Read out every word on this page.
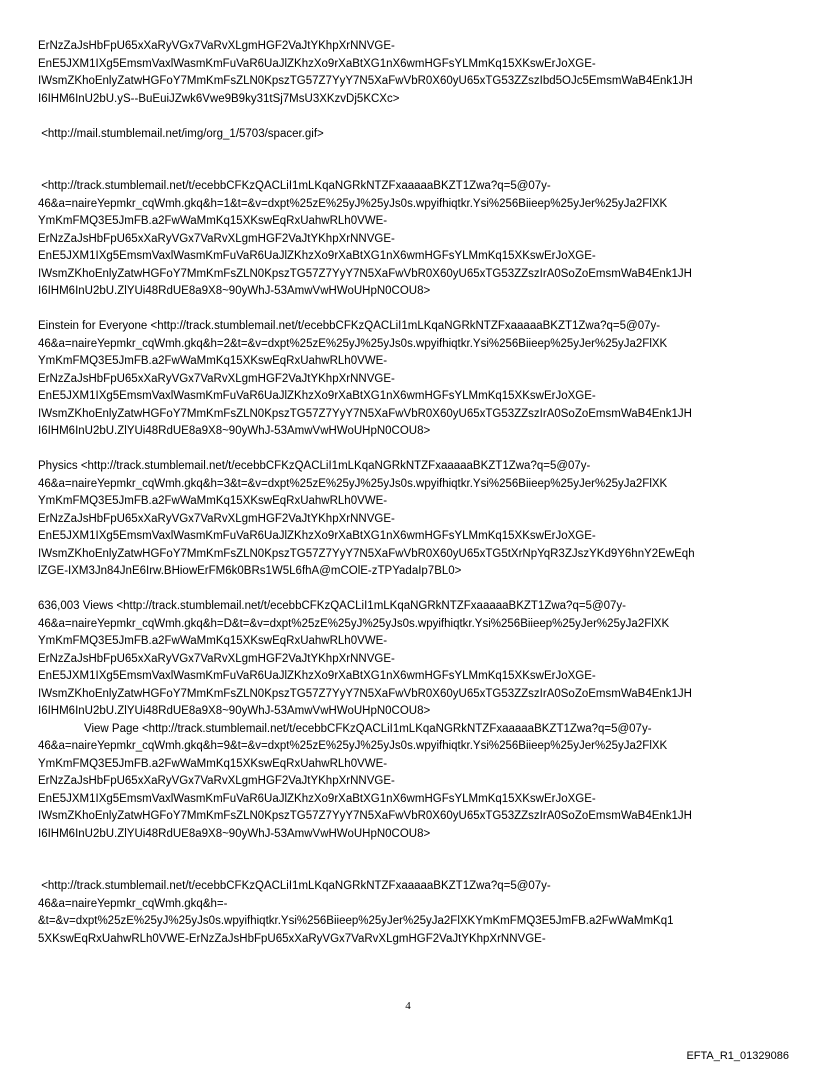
ErNzZaJsHbFpU65xXaRyVGx7VaRvXLgmHGF2VaJtYKhpXrNNVGE-
EnE5JXM1IXg5EmsmVaxlWasmKmFuVaR6UaJlZKhzXo9rXaBtXG1nX6wmHGFsYLMmKq15XKswErJoXGE-
IWsmZKhoEnlyZatwHGFoY7MmKmFsZLN0KpszTG57Z7YyY7N5XaFwVbR0X60yU65xTG53ZZszIbd5OJc5EmsmWaB4Enk1JH
I6IHM6InU2bU.yS--BuEuiJZwk6Vwe9B9ky31tSj7MsU3XKzvDj5KCXc>
<http://mail.stumblemail.net/img/org_1/5703/spacer.gif>
<http://track.stumblemail.net/t/ecebbCFKzQACLiI1mLKqaNGRkNTZFxaaaaaBKZT1Zwa?q=5@07y-
46&a=naireYepmkr_cqWmh.gkq&h=1&t=&v=dxpt%25zE%25yJ%25yJs0s.wpyifhiqtkr.Ysi%256Biieep%25yJer%25yJa2FlXK
YmKmFMQ3E5JmFB.a2FwWaMmKq15XKswEqRxUahwRLh0VWE-
ErNzZaJsHbFpU65xXaRyVGx7VaRvXLgmHGF2VaJtYKhpXrNNVGE-
EnE5JXM1IXg5EmsmVaxlWasmKmFuVaR6UaJlZKhzXo9rXaBtXG1nX6wmHGFsYLMmKq15XKswErJoXGE-
IWsmZKhoEnlyZatwHGFoY7MmKmFsZLN0KpszTG57Z7YyY7N5XaFwVbR0X60yU65xTG53ZZszIrA0SoZoEmsmWaB4Enk1JH
I6IHM6InU2bU.ZlYUi48RdUE8a9X8~90yWhJ-53AmwVwHWoUHpN0COU8>
Einstein for Everyone <http://track.stumblemail.net/t/ecebbCFKzQACLiI1mLKqaNGRkNTZFxaaaaaBKZT1Zwa?q=5@07y-
46&a=naireYepmkr_cqWmh.gkq&h=2&t=&v=dxpt%25zE%25yJ%25yJs0s.wpyifhiqtkr.Ysi%256Biieep%25yJer%25yJa2FlXK
YmKmFMQ3E5JmFB.a2FwWaMmKq15XKswEqRxUahwRLh0VWE-
ErNzZaJsHbFpU65xXaRyVGx7VaRvXLgmHGF2VaJtYKhpXrNNVGE-
EnE5JXM1IXg5EmsmVaxlWasmKmFuVaR6UaJlZKhzXo9rXaBtXG1nX6wmHGFsYLMmKq15XKswErJoXGE-
IWsmZKhoEnlyZatwHGFoY7MmKmFsZLN0KpszTG57Z7YyY7N5XaFwVbR0X60yU65xTG53ZZszIrA0SoZoEmsmWaB4Enk1JH
I6IHM6InU2bU.ZlYUi48RdUE8a9X8~90yWhJ-53AmwVwHWoUHpN0COU8>
Physics <http://track.stumblemail.net/t/ecebbCFKzQACLiI1mLKqaNGRkNTZFxaaaaaBKZT1Zwa?q=5@07y-
46&a=naireYepmkr_cqWmh.gkq&h=3&t=&v=dxpt%25zE%25yJ%25yJs0s.wpyifhiqtkr.Ysi%256Biieep%25yJer%25yJa2FlXK
YmKmFMQ3E5JmFB.a2FwWaMmKq15XKswEqRxUahwRLh0VWE-
ErNzZaJsHbFpU65xXaRyVGx7VaRvXLgmHGF2VaJtYKhpXrNNVGE-
EnE5JXM1IXg5EmsmVaxlWasmKmFuVaR6UaJlZKhzXo9rXaBtXG1nX6wmHGFsYLMmKq15XKswErJoXGE-
IWsmZKhoEnlyZatwHGFoY7MmKmFsZLN0KpszTG57Z7YyY7N5XaFwVbR0X60yU65xTG5tXrNpYqR3ZJszYKd9Y6hnY2EwEqh
lZGE-IXM3Jn84JnE6Irw.BHiowErFM6k0BRs1W5L6fhA@mCOlE-zTPYadaIp7BL0>
636,003 Views <http://track.stumblemail.net/t/ecebbCFKzQACLiI1mLKqaNGRkNTZFxaaaaaBKZT1Zwa?q=5@07y-
46&a=naireYepmkr_cqWmh.gkq&h=D&t=&v=dxpt%25zE%25yJ%25yJs0s.wpyifhiqtkr.Ysi%256Biieep%25yJer%25yJa2FlXK
YmKmFMQ3E5JmFB.a2FwWaMmKq15XKswEqRxUahwRLh0VWE-
ErNzZaJsHbFpU65xXaRyVGx7VaRvXLgmHGF2VaJtYKhpXrNNVGE-
EnE5JXM1IXg5EmsmVaxlWasmKmFuVaR6UaJlZKhzXo9rXaBtXG1nX6wmHGFsYLMmKq15XKswErJoXGE-
IWsmZKhoEnlyZatwHGFoY7MmKmFsZLN0KpszTG57Z7YyY7N5XaFwVbR0X60yU65xTG53ZZszIrA0SoZoEmsmWaB4Enk1JH
I6IHM6InU2bU.ZlYUi48RdUE8a9X8~90yWhJ-53AmwVwHWoUHpN0COU8>
View Page <http://track.stumblemail.net/t/ecebbCFKzQACLiI1mLKqaNGRkNTZFxaaaaaBKZT1Zwa?q=5@07y-
46&a=naireYepmkr_cqWmh.gkq&h=9&t=&v=dxpt%25zE%25yJ%25yJs0s.wpyifhiqtkr.Ysi%256Biieep%25yJer%25yJa2FlXK
YmKmFMQ3E5JmFB.a2FwWaMmKq15XKswEqRxUahwRLh0VWE-
ErNzZaJsHbFpU65xXaRyVGx7VaRvXLgmHGF2VaJtYKhpXrNNVGE-
EnE5JXM1IXg5EmsmVaxlWasmKmFuVaR6UaJlZKhzXo9rXaBtXG1nX6wmHGFsYLMmKq15XKswErJoXGE-
IWsmZKhoEnlyZatwHGFoY7MmKmFsZLN0KpszTG57Z7YyY7N5XaFwVbR0X60yU65xTG53ZZszIrA0SoZoEmsmWaB4Enk1JH
I6IHM6InU2bU.ZlYUi48RdUE8a9X8~90yWhJ-53AmwVwHWoUHpN0COU8>
<http://track.stumblemail.net/t/ecebbCFKzQACLiI1mLKqaNGRkNTZFxaaaaaBKZT1Zwa?q=5@07y-
46&a=naireYepmkr_cqWmh.gkq&h=-
&t=&v=dxpt%25zE%25yJ%25yJs0s.wpyifhiqtkr.Ysi%256Biieep%25yJer%25yJa2FlXKYmKmFMQ3E5JmFB.a2FwWaMmKq1
5XKswEqRxUahwRLh0VWE-ErNzZaJsHbFpU65xXaRyVGx7VaRvXLgmHGF2VaJtYKhpXrNNVGE-
4
EFTA_R1_01329086
